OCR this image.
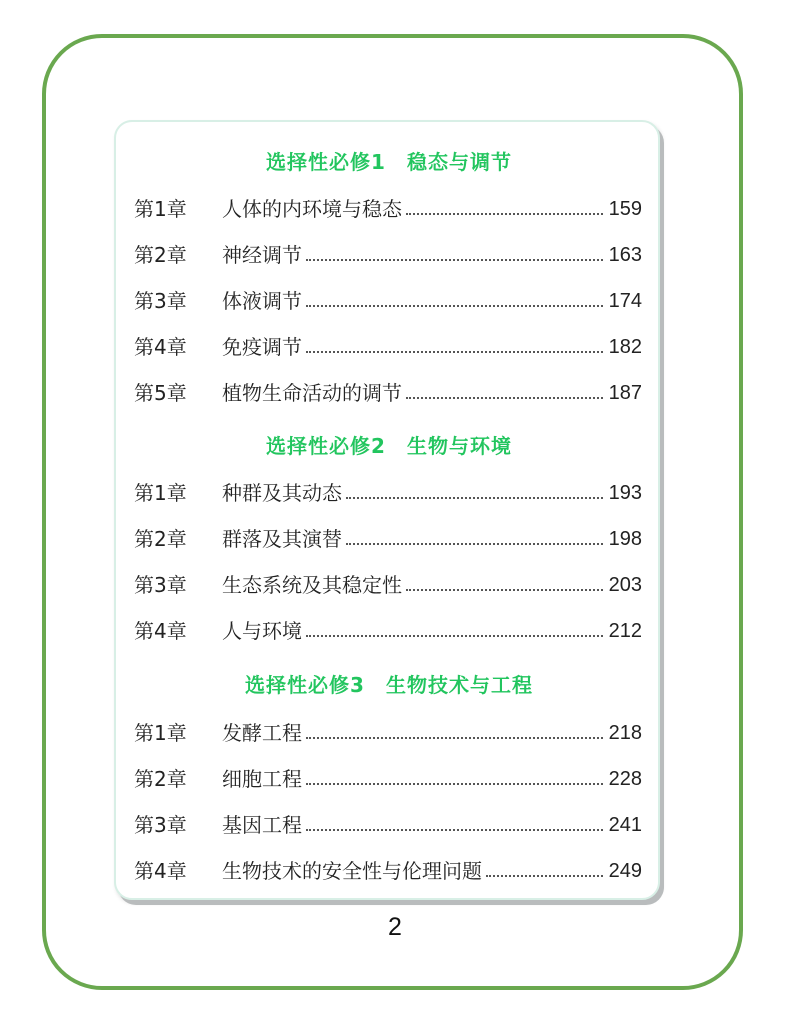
选择性必修1　稳态与调节
第1章	人体的内环境与稳态	159
第2章	神经调节	163
第3章	体液调节	174
第4章	免疫调节	182
第5章	植物生命活动的调节	187
选择性必修2　生物与环境
第1章	种群及其动态	193
第2章	群落及其演替	198
第3章	生态系统及其稳定性	203
第4章	人与环境	212
选择性必修3　生物技术与工程
第1章	发酵工程	218
第2章	细胞工程	228
第3章	基因工程	241
第4章	生物技术的安全性与伦理问题	249
2
